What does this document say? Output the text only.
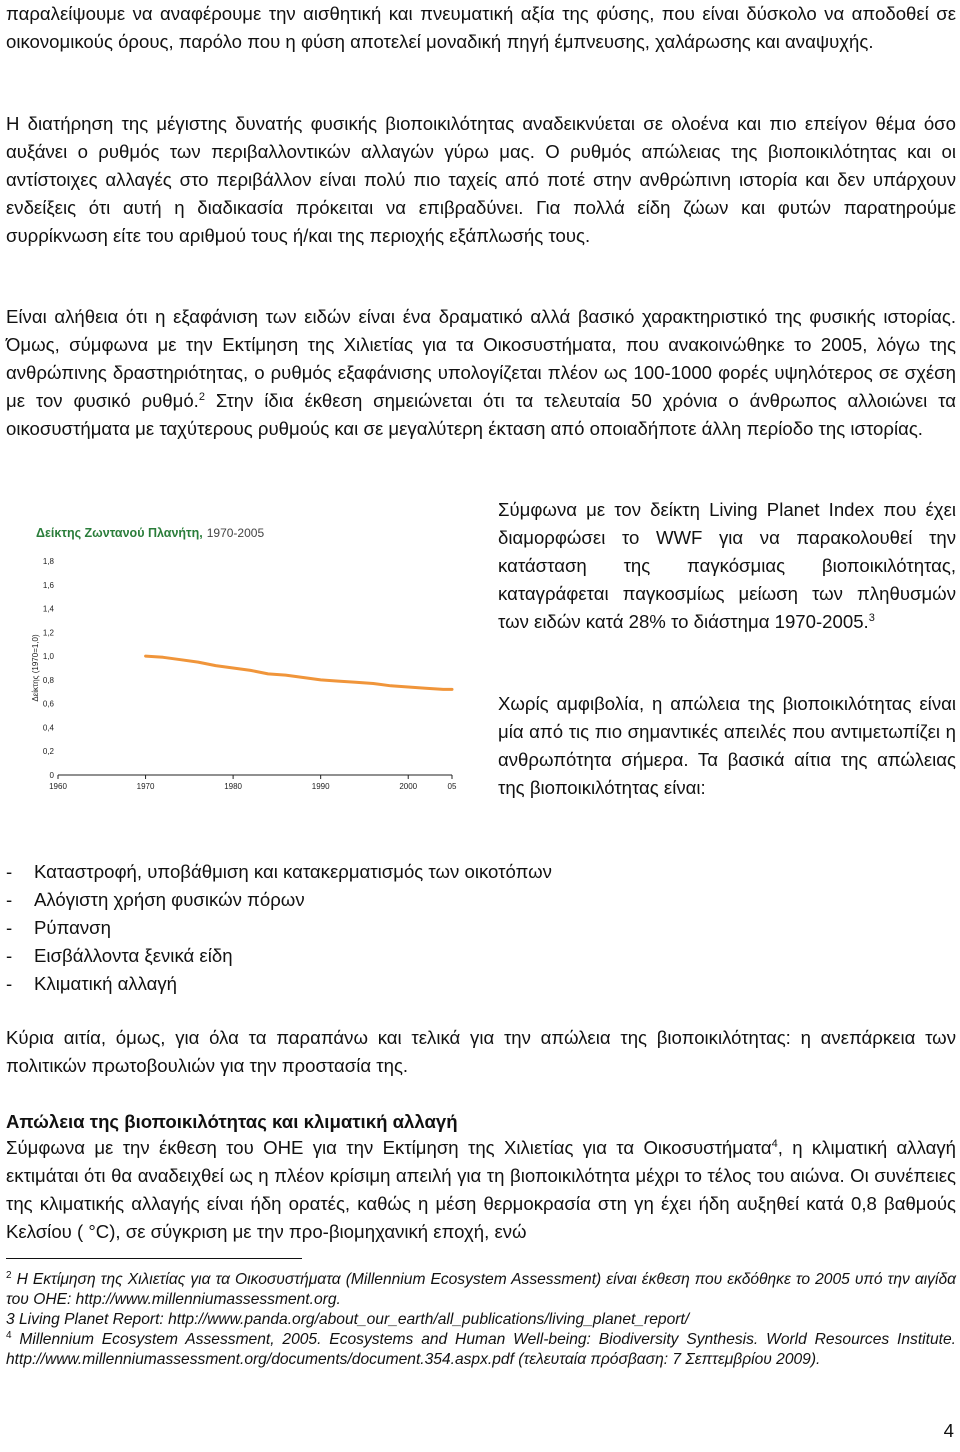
παραλείψουμε να αναφέρουμε την αισθητική και πνευματική αξία της φύσης, που είναι δύσκολο να αποδοθεί σε οικονομικούς όρους, παρόλο που η φύση αποτελεί μοναδική πηγή έμπνευσης, χαλάρωσης και αναψυχής.
Η διατήρηση της μέγιστης δυνατής φυσικής βιοποικιλότητας αναδεικνύεται σε ολοένα και πιο επείγον θέμα όσο αυξάνει ο ρυθμός των περιβαλλοντικών αλλαγών γύρω μας. Ο ρυθμός απώλειας της βιοποικιλότητας και οι αντίστοιχες αλλαγές στο περιβάλλον είναι πολύ πιο ταχείς από ποτέ στην ανθρώπινη ιστορία και δεν υπάρχουν ενδείξεις ότι αυτή η διαδικασία πρόκειται να επιβραδύνει. Για πολλά είδη ζώων και φυτών παρατηρούμε συρρίκνωση είτε του αριθμού τους ή/και της περιοχής εξάπλωσής τους.
Είναι αλήθεια ότι η εξαφάνιση των ειδών είναι ένα δραματικό αλλά βασικό χαρακτηριστικό της φυσικής ιστορίας. Όμως, σύμφωνα με την Εκτίμηση της Χιλιετίας για τα Οικοσυστήματα, που ανακοινώθηκε το 2005, λόγω της ανθρώπινης δραστηριότητας, ο ρυθμός εξαφάνισης υπολογίζεται πλέον ως 100-1000 φορές υψηλότερος σε σχέση με τον φυσικό ρυθμό.$^2$ Στην ίδια έκθεση σημειώνεται ότι τα τελευταία 50 χρόνια ο άνθρωπος αλλοιώνει τα οικοσυστήματα με ταχύτερους ρυθμούς και σε μεγαλύτερη έκταση από οποιαδήποτε άλλη περίοδο της ιστορίας.
Δείκτης Ζωντανού Πλανήτη, 1970-2005
Δείκτης (1970=1,0)
0
0,2
0,4
0,6
0,8
1,0
1,2
1,4
1,6
1,8
1960	1970	1980	1990	2000	05
Σύμφωνα με τον δείκτη Living Planet Index που έχει διαμορφώσει το WWF για να παρακολουθεί την κατάσταση της παγκόσμιας βιοποικιλότητας, καταγράφεται παγκοσμίως μείωση των πληθυσμών των ειδών κατά 28% το διάστημα 1970-2005.$^3$
Χωρίς αμφιβολία, η απώλεια της βιοποικιλότητας είναι μία από τις πιο σημαντικές απειλές που αντιμετωπίζει η ανθρωπότητα σήμερα. Τα βασικά αίτια της απώλειας της βιοποικιλότητας είναι:
-	Καταστροφή, υποβάθμιση και κατακερματισμός των οικοτόπων
-	Αλόγιστη χρήση φυσικών πόρων
-	Ρύπανση
-	Εισβάλλοντα ξενικά είδη
-	Κλιματική αλλαγή
Κύρια αιτία, όμως, για όλα τα παραπάνω και τελικά για την απώλεια της βιοποικιλότητας: η ανεπάρκεια των πολιτικών πρωτοβουλιών για την προστασία της.
Απώλεια της βιοποικιλότητας και κλιματική αλλαγή
Σύμφωνα με την έκθεση του ΟΗΕ για την Εκτίμηση της Χιλιετίας για τα Οικοσυστήματα$^4$, η κλιματική αλλαγή εκτιμάται ότι θα αναδειχθεί ως η πλέον κρίσιμη απειλή για τη βιοποικιλότητα μέχρι το τέλος του αιώνα. Οι συνέπειες της κλιματικής αλλαγής είναι ήδη ορατές, καθώς η μέση θερμοκρασία στη γη έχει ήδη αυξηθεί κατά 0,8 βαθμούς Κελσίου ( °C), σε σύγκριση με την προ-βιομηχανική εποχή, ενώ
$^2$ Η Εκτίμηση της Χιλιετίας για τα Οικοσυστήματα (Millennium Ecosystem Assessment) είναι έκθεση που εκδόθηκε το 2005 υπό την αιγίδα του ΟΗΕ: http://www.millenniumassessment.org.
3 Living Planet Report: http://www.panda.org/about_our_earth/all_publications/living_planet_report/
$^4$ Millennium Ecosystem Assessment, 2005. Ecosystems and Human Well-being: Biodiversity Synthesis. World Resources Institute. http://www.millenniumassessment.org/documents/document.354.aspx.pdf (τελευταία πρόσβαση: 7 Σεπτεμβρίου 2009).
4
